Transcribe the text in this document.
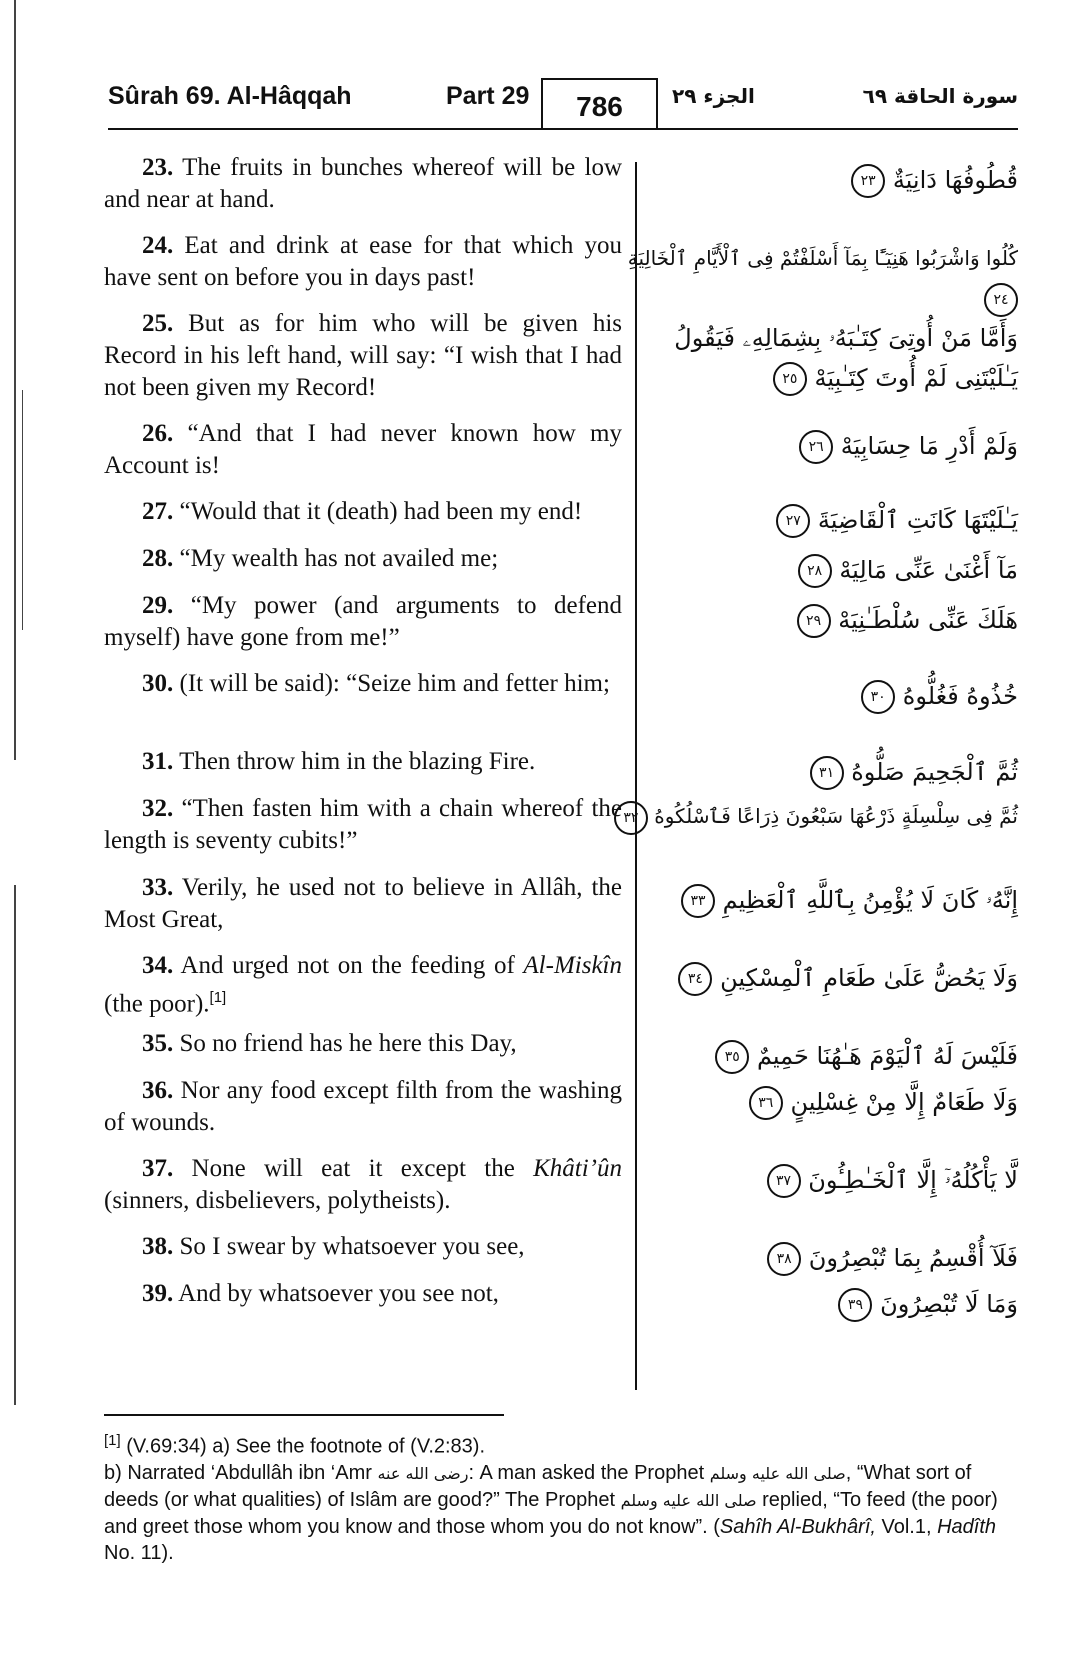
Sûrah 69. Al-Hâqqah	Part 29	786	الجزء ٢٩	سورة الحاقة ٦٩
23. The fruits in bunches whereof will be low and near at hand.
24. Eat and drink at ease for that which you have sent on before you in days past!
25. But as for him who will be given his Record in his left hand, will say: “I wish that I had not been given my Record!
26. “And that I had never known how my Account is!
27. “Would that it (death) had been my end!
28. “My wealth has not availed me;
29. “My power (and arguments to defend myself) have gone from me!”
30. (It will be said): “Seize him and fetter him;
31. Then throw him in the blazing Fire.
32. “Then fasten him with a chain whereof the length is seventy cubits!”
33. Verily, he used not to believe in Allâh, the Most Great,
34. And urged not on the feeding of Al-Miskîn (the poor).[1]
35. So no friend has he here this Day,
36. Nor any food except filth from the washing of wounds.
37. None will eat it except the Khâti’ûn (sinners, disbelievers, polytheists).
38. So I swear by whatsoever you see,
39. And by whatsoever you see not,
قُطُوفُهَا دَانِيَةٌ ٢٣
كُلُوا وَاشْرَبُوا هَنِيٓـًٔا بِمَآ أَسْلَفْتُمْ فِى ٱلْأَيَّامِ ٱلْخَالِيَةِ ٢٤
وَأَمَّا مَنْ أُوتِىَ كِتَـٰبَهُۥ بِشِمَالِهِۦ فَيَقُولُ يَـٰلَيْتَنِى لَمْ أُوتَ كِتَـٰبِيَهْ ٢٥
وَلَمْ أَدْرِ مَا حِسَابِيَهْ ٢٦
يَـٰلَيْتَهَا كَانَتِ ٱلْقَاضِيَةَ ٢٧
مَآ أَغْنَىٰ عَنِّى مَالِيَهْ ٢٨
هَلَكَ عَنِّى سُلْطَـٰنِيَهْ ٢٩
خُذُوهُ فَغُلُّوهُ ٣٠
ثُمَّ ٱلْجَحِيمَ صَلُّوهُ ٣١
ثُمَّ فِى سِلْسِلَةٍ ذَرْعُهَا سَبْعُونَ ذِرَاعًا فَٱسْلُكُوهُ ٣٢
إِنَّهُۥ كَانَ لَا يُؤْمِنُ بِٱللَّهِ ٱلْعَظِيمِ ٣٣
وَلَا يَحُضُّ عَلَىٰ طَعَامِ ٱلْمِسْكِينِ ٣٤
فَلَيْسَ لَهُ ٱلْيَوْمَ هَـٰهُنَا حَمِيمٌ ٣٥
وَلَا طَعَامٌ إِلَّا مِنْ غِسْلِينٍ ٣٦
لَّا يَأْكُلُهُۥٓ إِلَّا ٱلْخَـٰطِـُٔونَ ٣٧
فَلَآ أُقْسِمُ بِمَا تُبْصِرُونَ ٣٨
وَمَا لَا تُبْصِرُونَ ٣٩
[1] (V.69:34) a) See the footnote of (V.2:83).
b) Narrated ‘Abdullâh ibn ‘Amr رضى الله عنه: A man asked the Prophet صلى الله عليه وسلم, “What sort of deeds (or what qualities) of Islâm are good?” The Prophet صلى الله عليه وسلم replied, “To feed (the poor) and greet those whom you know and those whom you do not know”. (Sahîh Al-Bukhârî, Vol.1, Hadîth No. 11).
